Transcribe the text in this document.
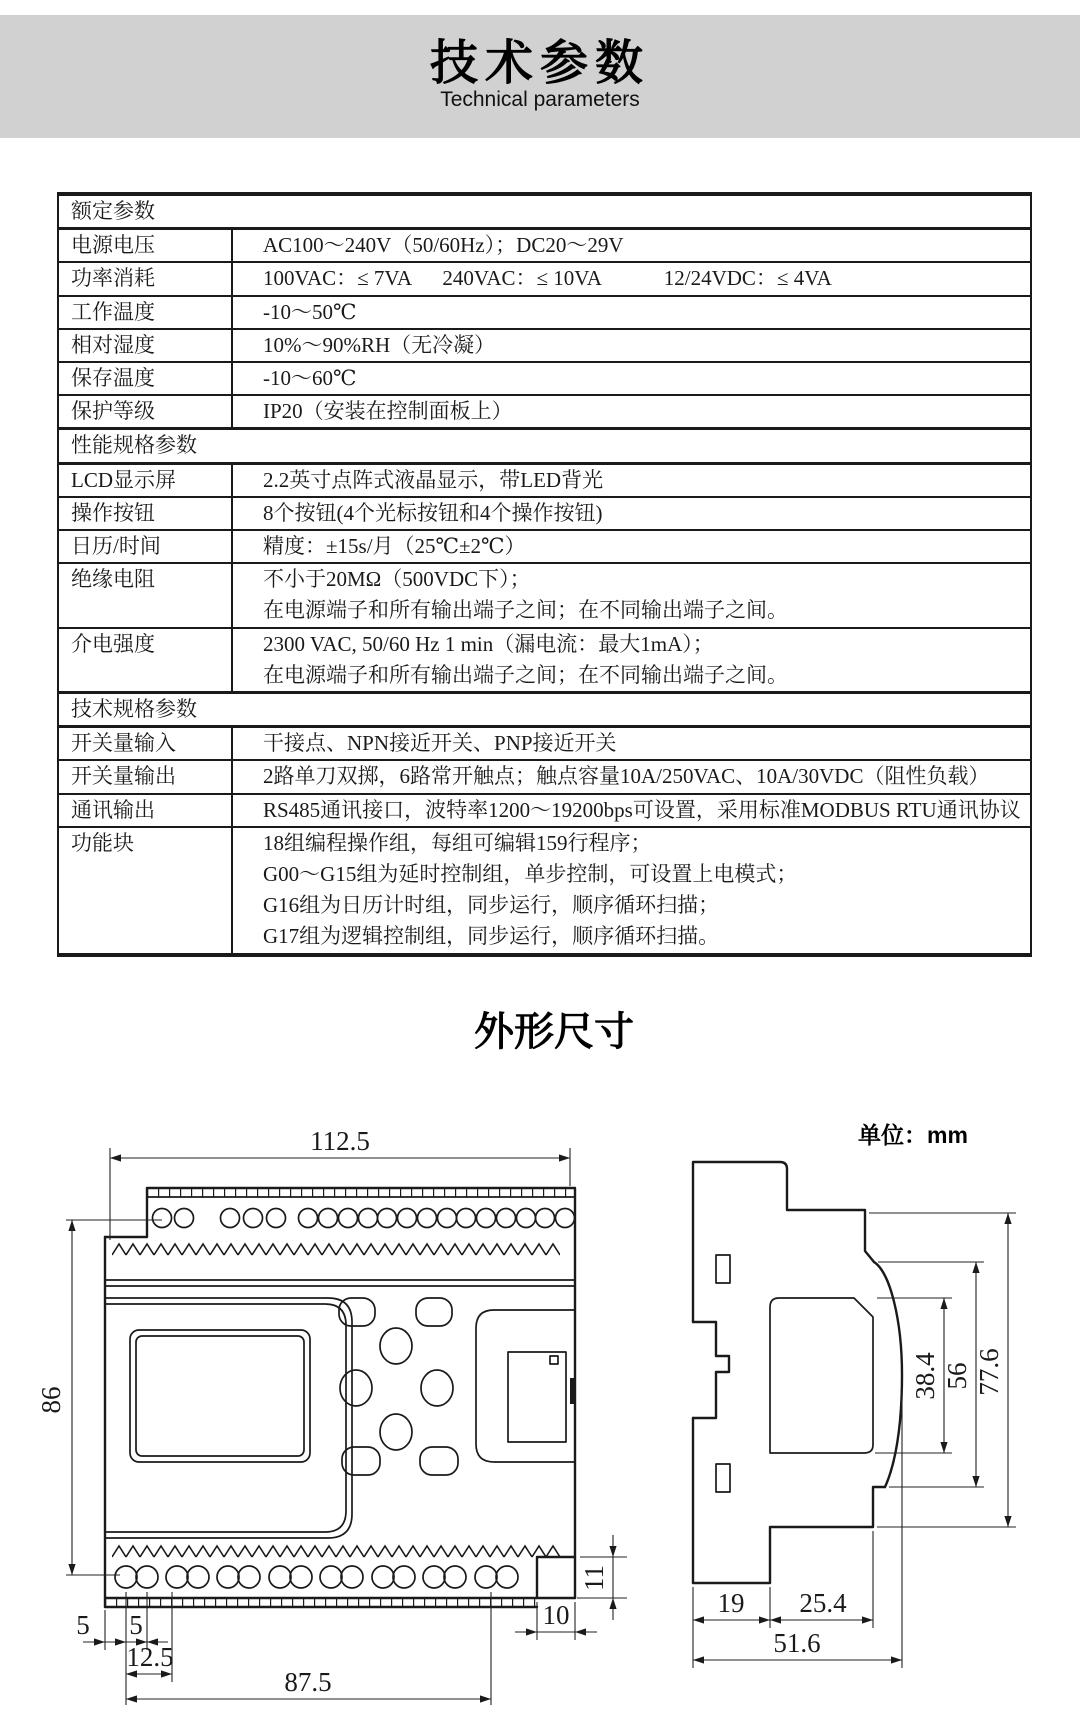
技术参数
Technical parameters
额定参数
电源电压	AC100～240V（50/60Hz）；DC20～29V
功率消耗	100VAC：≤ 7VA      240VAC：≤ 10VA            12/24VDC：≤ 4VA
工作温度	-10～50℃
相对湿度	10%～90%RH（无冷凝）
保存温度	-10～60℃
保护等级	IP20（安装在控制面板上）
性能规格参数
LCD显示屏	2.2英寸点阵式液晶显示，带LED背光
操作按钮	8个按钮(4个光标按钮和4个操作按钮)
日历/时间	精度：±15s/月（25℃±2℃）
绝缘电阻	不小于20MΩ（500VDC下）；
在电源端子和所有输出端子之间；在不同输出端子之间。
介电强度	2300 VAC, 50/60 Hz 1 min（漏电流：最大1mA）；
在电源端子和所有输出端子之间；在不同输出端子之间。
技术规格参数
开关量输入	干接点、NPN接近开关、PNP接近开关
开关量输出	2路单刀双掷，6路常开触点；触点容量10A/250VAC、10A/30VDC（阻性负载）
通讯输出	RS485通讯接口，波特率1200～19200bps可设置，采用标准MODBUS RTU通讯协议
功能块	18组编程操作组，每组可编辑159行程序；
G00～G15组为延时控制组，单步控制，可设置上电模式；
G16组为日历计时组，同步运行，顺序循环扫描；
G17组为逻辑控制组，同步运行，顺序循环扫描。
外形尺寸
单位：mm
112.5
86
5 5
12.5
87.5
10
11
19 25.4
51.6
38.4 56 77.6
